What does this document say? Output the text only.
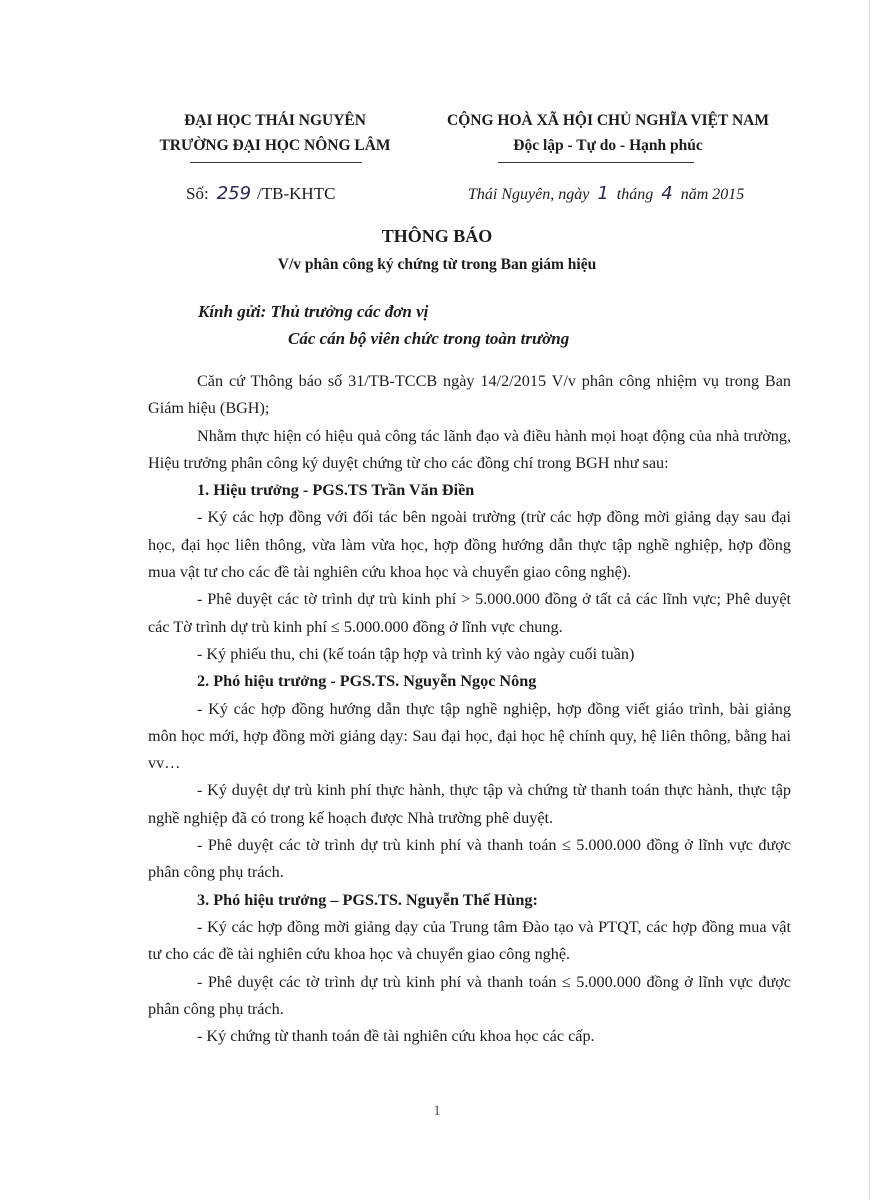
ĐẠI HỌC THÁI NGUYÊN
TRƯỜNG ĐẠI HỌC NÔNG LÂM
CỘNG HOÀ XÃ HỘI CHỦ NGHĨA VIỆT NAM
Độc lập - Tự do - Hạnh phúc
Số: 259 /TB-KHTC	Thái Nguyên, ngày 1 tháng 4 năm 2015
THÔNG BÁO
V/v phân công ký chứng từ trong Ban giám hiệu
Kính gửi: Thủ trưởng các đơn vị
Các cán bộ viên chức trong toàn trường

Căn cứ Thông báo số 31/TB-TCCB ngày 14/2/2015 V/v phân công nhiệm vụ trong Ban Giám hiệu (BGH);

Nhằm thực hiện có hiệu quả công tác lãnh đạo và điều hành mọi hoạt động của nhà trường, Hiệu trưởng phân công ký duyệt chứng từ cho các đồng chí trong BGH như sau:

1. Hiệu trưởng - PGS.TS Trần Văn Điền

- Ký các hợp đồng với đối tác bên ngoài trường (trừ các hợp đồng mời giảng dạy sau đại học, đại học liên thông, vừa làm vừa học, hợp đồng hướng dẫn thực tập nghề nghiệp, hợp đồng mua vật tư cho các đề tài nghiên cứu khoa học và chuyển giao công nghệ).

- Phê duyệt các tờ trình dự trù kinh phí > 5.000.000 đồng ở tất cả các lĩnh vực; Phê duyệt các Tờ trình dự trù kinh phí ≤ 5.000.000 đồng ở lĩnh vực chung.

- Ký phiếu thu, chi (kế toán tập hợp và trình ký vào ngày cuối tuần)

2. Phó hiệu trưởng - PGS.TS. Nguyễn Ngọc Nông

- Ký các hợp đồng hướng dẫn thực tập nghề nghiệp, hợp đồng viết giáo trình, bài giảng môn học mới, hợp đồng mời giảng dạy: Sau đại học, đại học hệ chính quy, hệ liên thông, bằng hai vv…

- Ký duyệt dự trù kinh phí thực hành, thực tập và chứng từ thanh toán thực hành, thực tập nghề nghiệp đã có trong kế hoạch được Nhà trường phê duyệt.

- Phê duyệt các tờ trình dự trù kinh phí và thanh toán ≤ 5.000.000 đồng ở lĩnh vực được phân công phụ trách.

3. Phó hiệu trưởng – PGS.TS. Nguyễn Thế Hùng:

- Ký các hợp đồng mời giảng dạy của Trung tâm Đào tạo và PTQT, các hợp đồng mua vật tư cho các đề tài nghiên cứu khoa học và chuyển giao công nghệ.

- Phê duyệt các tờ trình dự trù kinh phí và thanh toán ≤ 5.000.000 đồng ở lĩnh vực được phân công phụ trách.

- Ký chứng từ thanh toán đề tài nghiên cứu khoa học các cấp.

1
